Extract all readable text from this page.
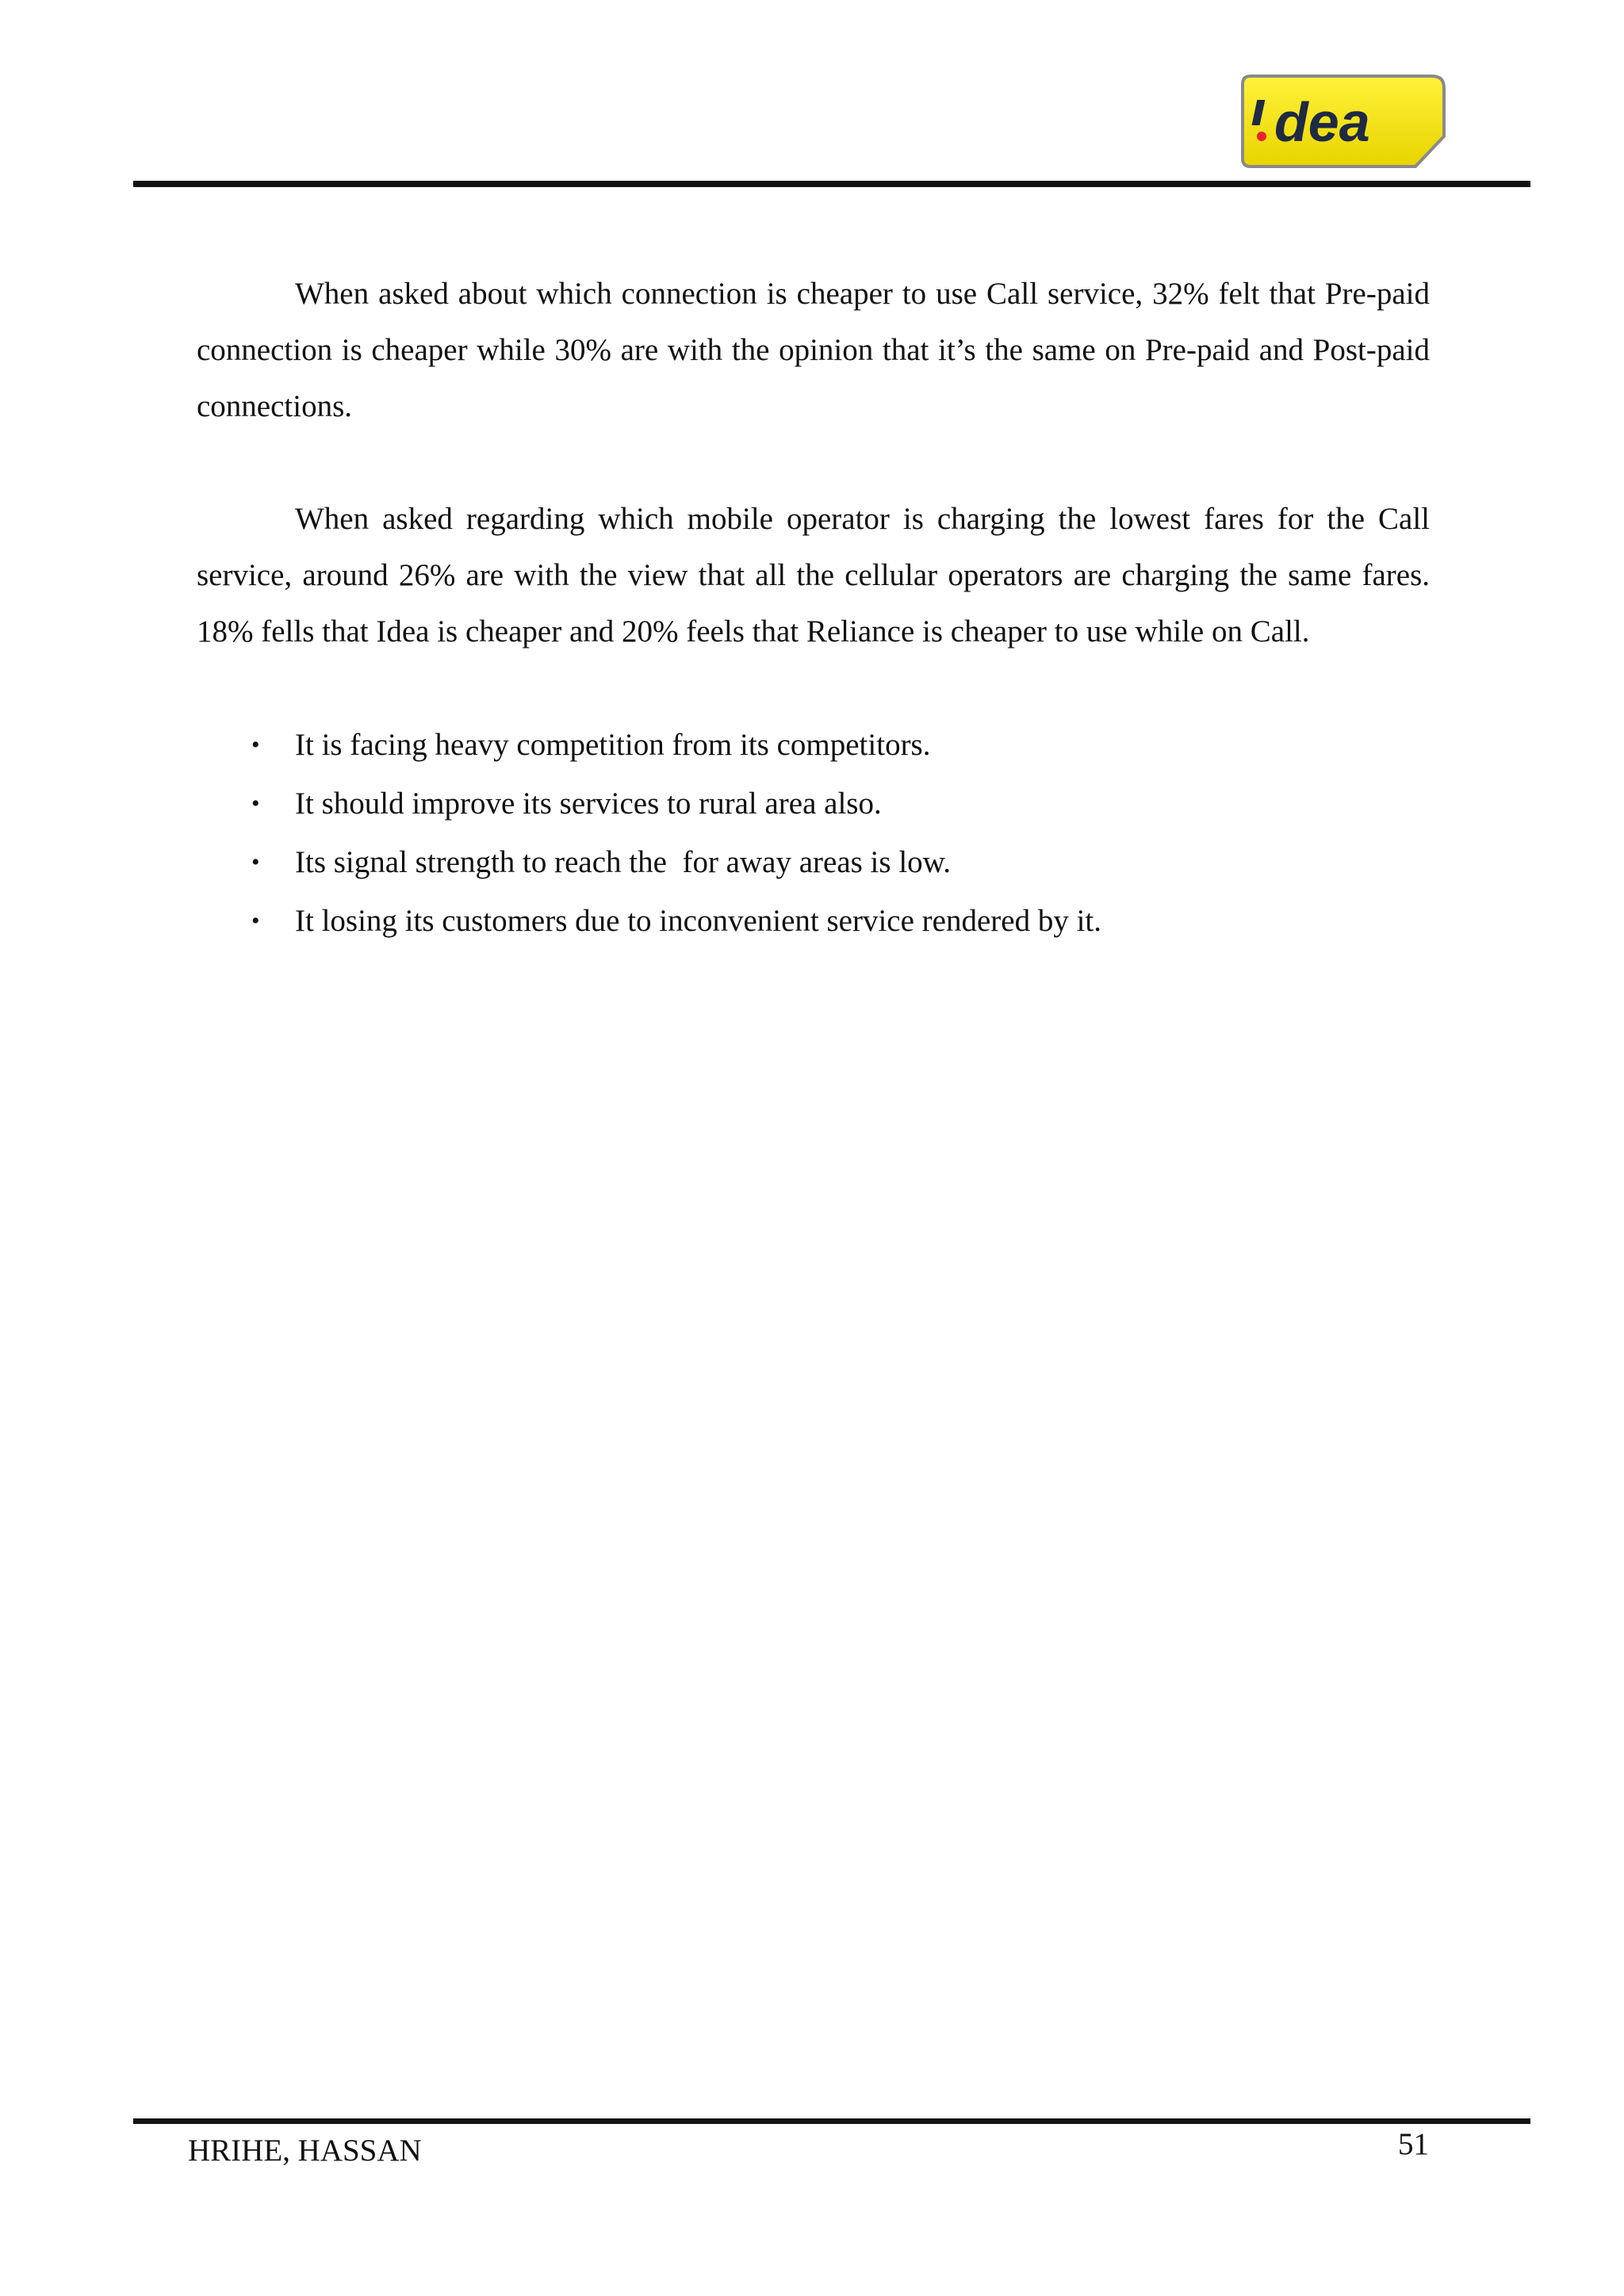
dea

When asked about which connection is cheaper to use Call service, 32% felt that Pre-paid connection is cheaper while 30% are with the opinion that it’s the same on Pre-paid and Post-paid connections.

When asked regarding which mobile operator is charging the lowest fares for the Call service, around 26% are with the view that all the cellular operators are charging the same fares. 18% fells that Idea is cheaper and 20% feels that Reliance is cheaper to use while on Call.

• It is facing heavy competition from its competitors.
• It should improve its services to rural area also.
• Its signal strength to reach the  for away areas is low.
• It losing its customers due to inconvenient service rendered by it.
HRIHE, HASSAN	51
